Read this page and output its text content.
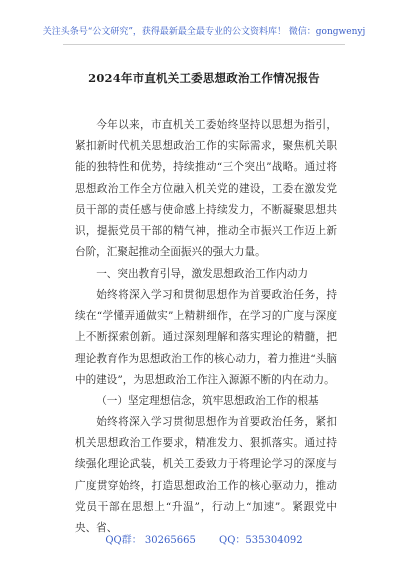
关注头条号“公文研究”，获得最新最全最专业的公文资料库！ 微信：gongwenyj
2024年市直机关工委思想政治工作情况报告

今年以来，市直机关工委始终坚持以思想为指引，紧扣新时代机关思想政治工作的实际需求，聚焦机关职能的独特性和优势，持续推动“三个突出”战略。通过将思想政治工作全方位融入机关党的建设，工委在激发党员干部的责任感与使命感上持续发力，不断凝聚思想共识，提振党员干部的精气神，推动全市振兴工作迈上新台阶，汇聚起推动全面振兴的强大力量。

一、突出教育引导，激发思想政治工作内动力

始终将深入学习和贯彻思想作为首要政治任务，持续在“学懂弄通做实”上精耕细作，在学习的广度与深度上不断探索创新。通过深刻理解和落实理论的精髓，把理论教育作为思想政治工作的核心动力，着力推进“头脑中的建设”，为思想政治工作注入源源不断的内在动力。

（一）坚定理想信念，筑牢思想政治工作的根基

始终将深入学习贯彻思想作为首要政治任务，紧扣机关思想政治工作要求，精准发力、狠抓落实。通过持续强化理论武装，机关工委致力于将理论学习的深度与广度贯穿始终，打造思想政治工作的核心驱动力，推动党员干部在思想上“升温”，行动上“加速”。紧跟党中央、省、

QQ群： 30265665 QQ：535304092
